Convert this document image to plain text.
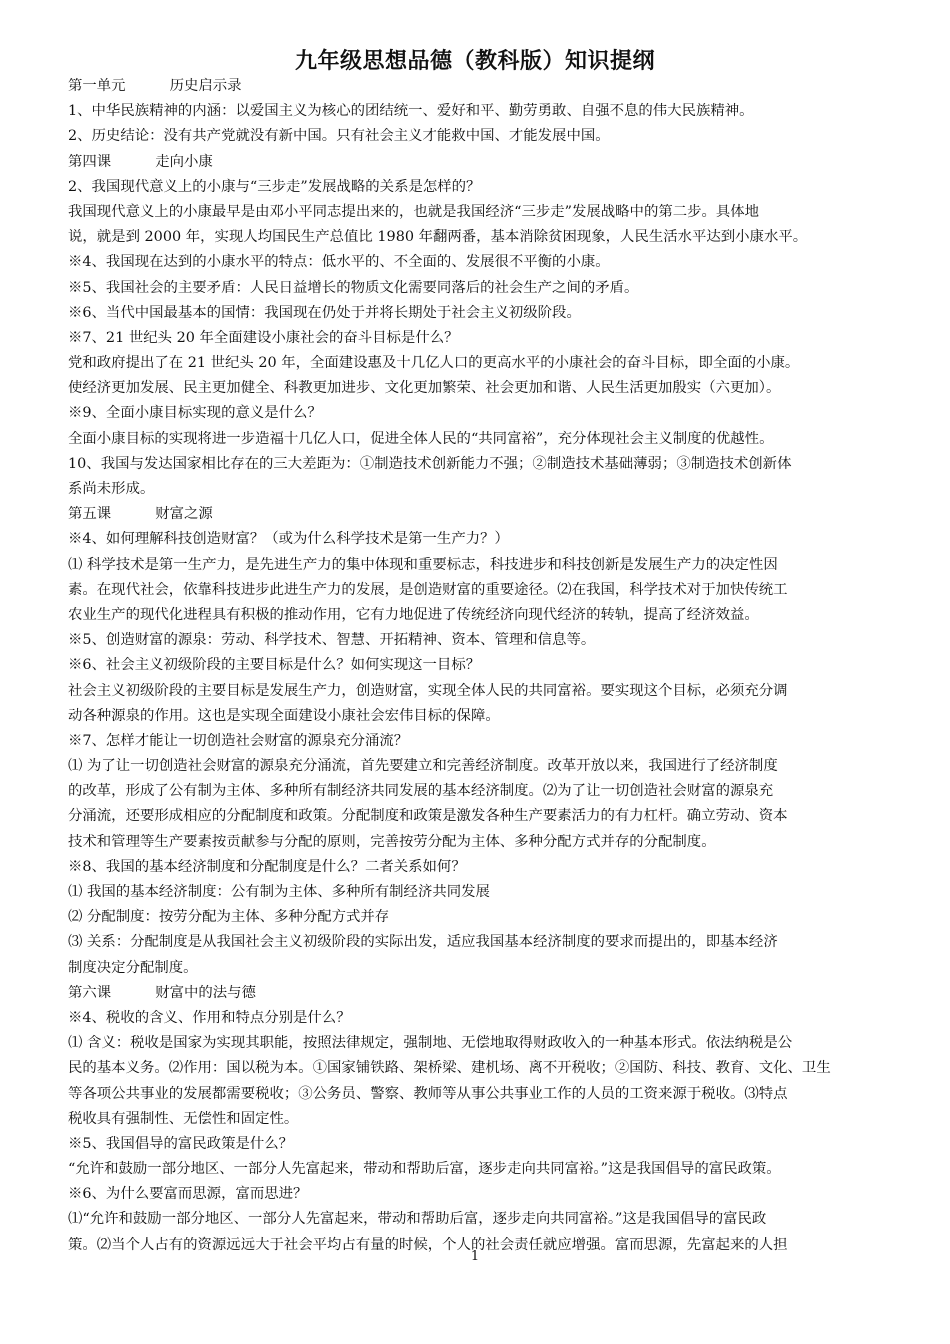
九年级思想品德（教科版）知识提纲
第一单元	历史启示录
1、中华民族精神的内涵：以爱国主义为核心的团结统一、爱好和平、勤劳勇敢、自强不息的伟大民族精神。
2、历史结论：没有共产党就没有新中国。只有社会主义才能救中国、才能发展中国。
第四课	走向小康
2、我国现代意义上的小康与“三步走”发展战略的关系是怎样的？
我国现代意义上的小康最早是由邓小平同志提出来的，也就是我国经济“三步走”发展战略中的第二步。具体地
说，就是到 2000 年，实现人均国民生产总值比 1980 年翻两番，基本消除贫困现象，人民生活水平达到小康水平。
※4、我国现在达到的小康水平的特点：低水平的、不全面的、发展很不平衡的小康。
※5、我国社会的主要矛盾：人民日益增长的物质文化需要同落后的社会生产之间的矛盾。
※6、当代中国最基本的国情：我国现在仍处于并将长期处于社会主义初级阶段。
※7、21 世纪头 20 年全面建设小康社会的奋斗目标是什么？
党和政府提出了在 21 世纪头 20 年，全面建设惠及十几亿人口的更高水平的小康社会的奋斗目标，即全面的小康。
使经济更加发展、民主更加健全、科教更加进步、文化更加繁荣、社会更加和谐、人民生活更加殷实（六更加）。
※9、全面小康目标实现的意义是什么？
全面小康目标的实现将进一步造福十几亿人口，促进全体人民的“共同富裕”，充分体现社会主义制度的优越性。
10、我国与发达国家相比存在的三大差距为：①制造技术创新能力不强；②制造技术基础薄弱；③制造技术创新体
系尚未形成。
第五课	财富之源
※4、如何理解科技创造财富？（或为什么科学技术是第一生产力？）
⑴ 科学技术是第一生产力，是先进生产力的集中体现和重要标志，科技进步和科技创新是发展生产力的决定性因
素。在现代社会，依靠科技进步此进生产力的发展，是创造财富的重要途径。⑵在我国，科学技术对于加快传统工
农业生产的现代化进程具有积极的推动作用，它有力地促进了传统经济向现代经济的转轨，提高了经济效益。
※5、创造财富的源泉：劳动、科学技术、智慧、开拓精神、资本、管理和信息等。
※6、社会主义初级阶段的主要目标是什么？如何实现这一目标？
社会主义初级阶段的主要目标是发展生产力，创造财富，实现全体人民的共同富裕。要实现这个目标，必须充分调
动各种源泉的作用。这也是实现全面建设小康社会宏伟目标的保障。
※7、怎样才能让一切创造社会财富的源泉充分涌流？
⑴ 为了让一切创造社会财富的源泉充分涌流，首先要建立和完善经济制度。改革开放以来，我国进行了经济制度
的改革，形成了公有制为主体、多种所有制经济共同发展的基本经济制度。⑵为了让一切创造社会财富的源泉充
分涌流，还要形成相应的分配制度和政策。分配制度和政策是激发各种生产要素活力的有力杠杆。确立劳动、资本
技术和管理等生产要素按贡献参与分配的原则，完善按劳分配为主体、多种分配方式并存的分配制度。
※8、我国的基本经济制度和分配制度是什么？二者关系如何？
⑴ 我国的基本经济制度：公有制为主体、多种所有制经济共同发展
⑵ 分配制度：按劳分配为主体、多种分配方式并存
⑶ 关系：分配制度是从我国社会主义初级阶段的实际出发，适应我国基本经济制度的要求而提出的，即基本经济
制度决定分配制度。
第六课	财富中的法与德
※4、税收的含义、作用和特点分别是什么？
⑴ 含义：税收是国家为实现其职能，按照法律规定，强制地、无偿地取得财政收入的一种基本形式。依法纳税是公
民的基本义务。⑵作用：国以税为本。①国家铺铁路、架桥梁、建机场、离不开税收；②国防、科技、教育、文化、卫生
等各项公共事业的发展都需要税收；③公务员、警察、教师等从事公共事业工作的人员的工资来源于税收。⑶特点
税收具有强制性、无偿性和固定性。
※5、我国倡导的富民政策是什么？
“允许和鼓励一部分地区、一部分人先富起来，带动和帮助后富，逐步走向共同富裕。”这是我国倡导的富民政策。
※6、为什么要富而思源，富而思进？
⑴“允许和鼓励一部分地区、一部分人先富起来，带动和帮助后富，逐步走向共同富裕。”这是我国倡导的富民政
策。⑵当个人占有的资源远远大于社会平均占有量的时候，个人的社会责任就应增强。富而思源，先富起来的人担
1
